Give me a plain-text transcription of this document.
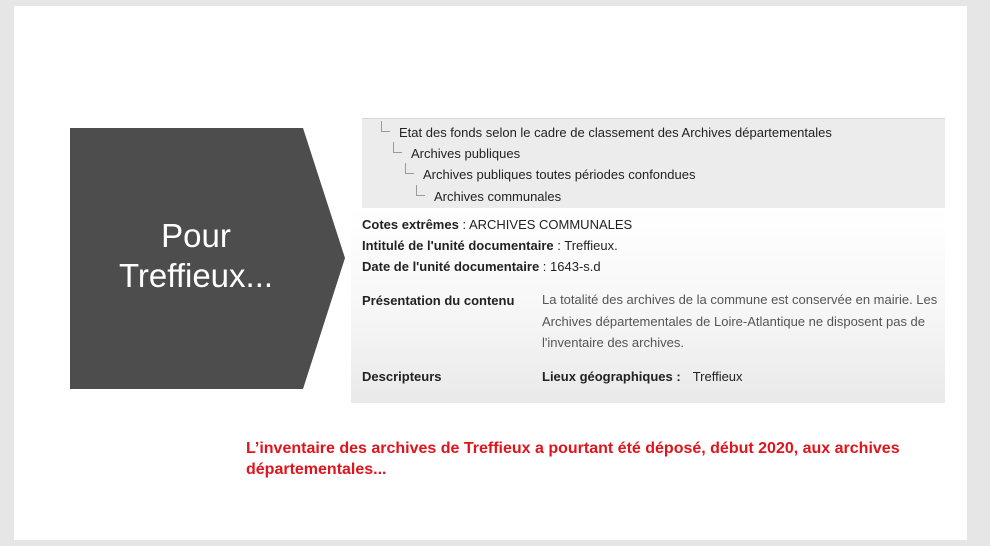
Pour
Treffieux...
Etat des fonds selon le cadre de classement des Archives départementales
Archives publiques
Archives publiques toutes périodes confondues
Archives communales
Cotes extrêmes : ARCHIVES COMMUNALES
Intitulé de l'unité documentaire : Treffieux.
Date de l'unité documentaire : 1643-s.d
Présentation du contenu La totalité des archives de la commune est conservée en mairie. Les Archives départementales de Loire-Atlantique ne disposent pas de l'inventaire des archives.
Descripteurs	Lieux géographiques : Treffieux
L’inventaire des archives de Treffieux a pourtant été déposé, début 2020, aux archives départementales...
